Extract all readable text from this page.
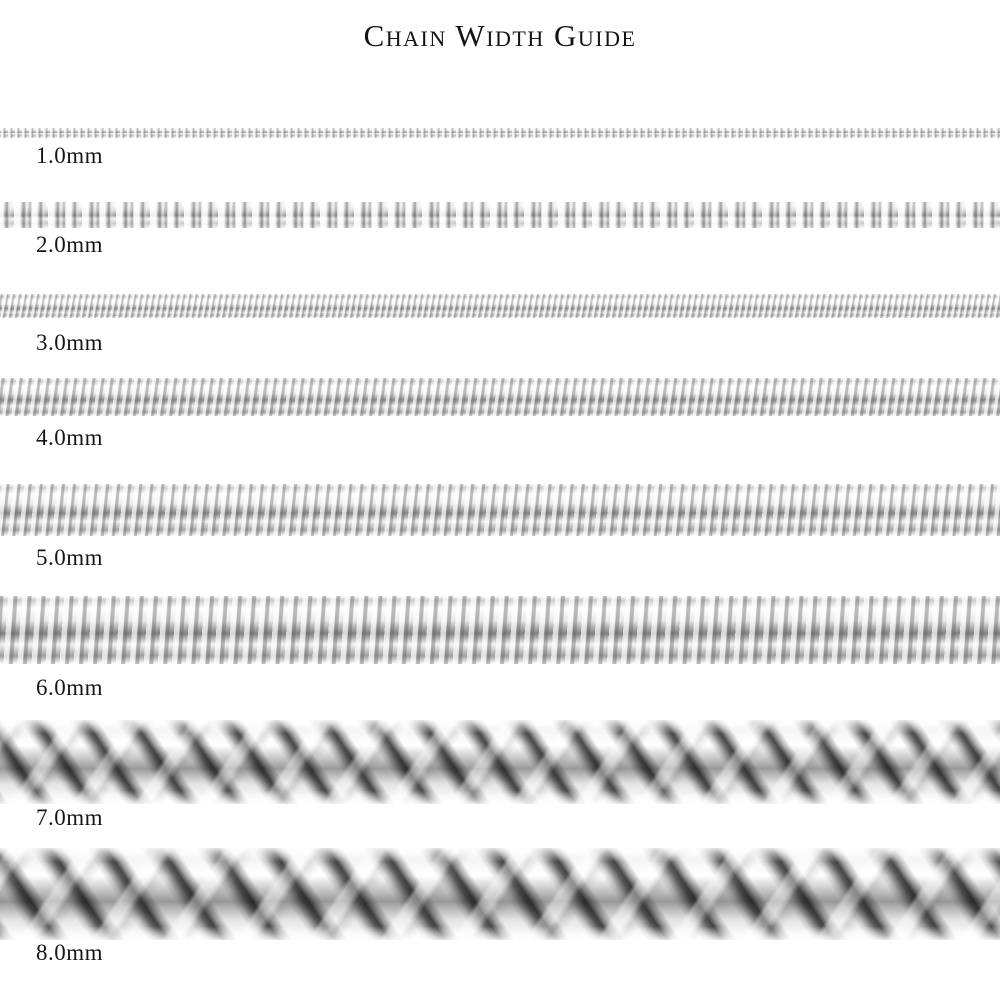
Chain Width Guide
1.0mm
2.0mm
3.0mm
4.0mm
5.0mm
6.0mm
7.0mm
8.0mm
